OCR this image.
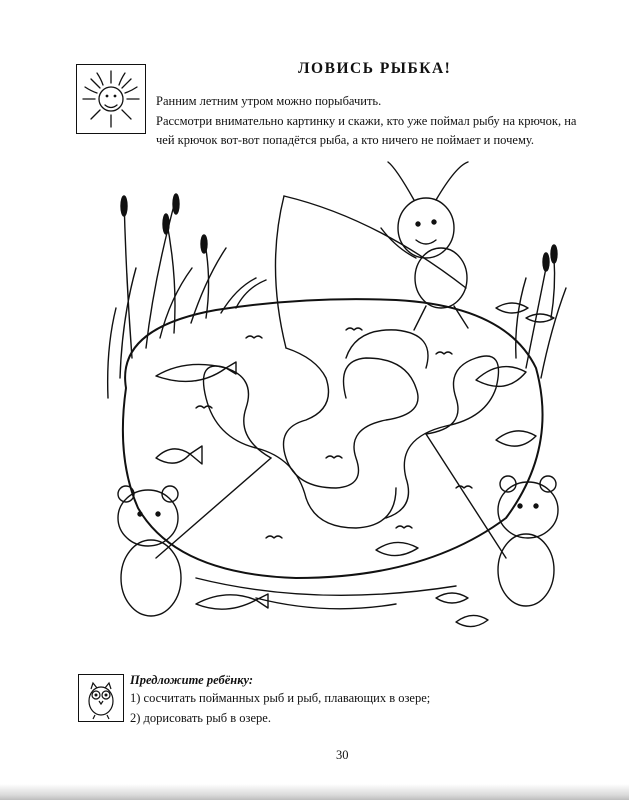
ЛОВИСЬ РЫБКА!
Ранним летним утром можно порыбачить.
Рассмотри внимательно картинку и скажи, кто уже поймал рыбу на крючок, на
чей крючок вот-вот попадётся рыба, а кто ничего не поймает и почему.
Предложите ребёнку:
1) сосчитать пойманных рыб и рыб, плавающих в озере;
2) дорисовать рыб в озере.
30
